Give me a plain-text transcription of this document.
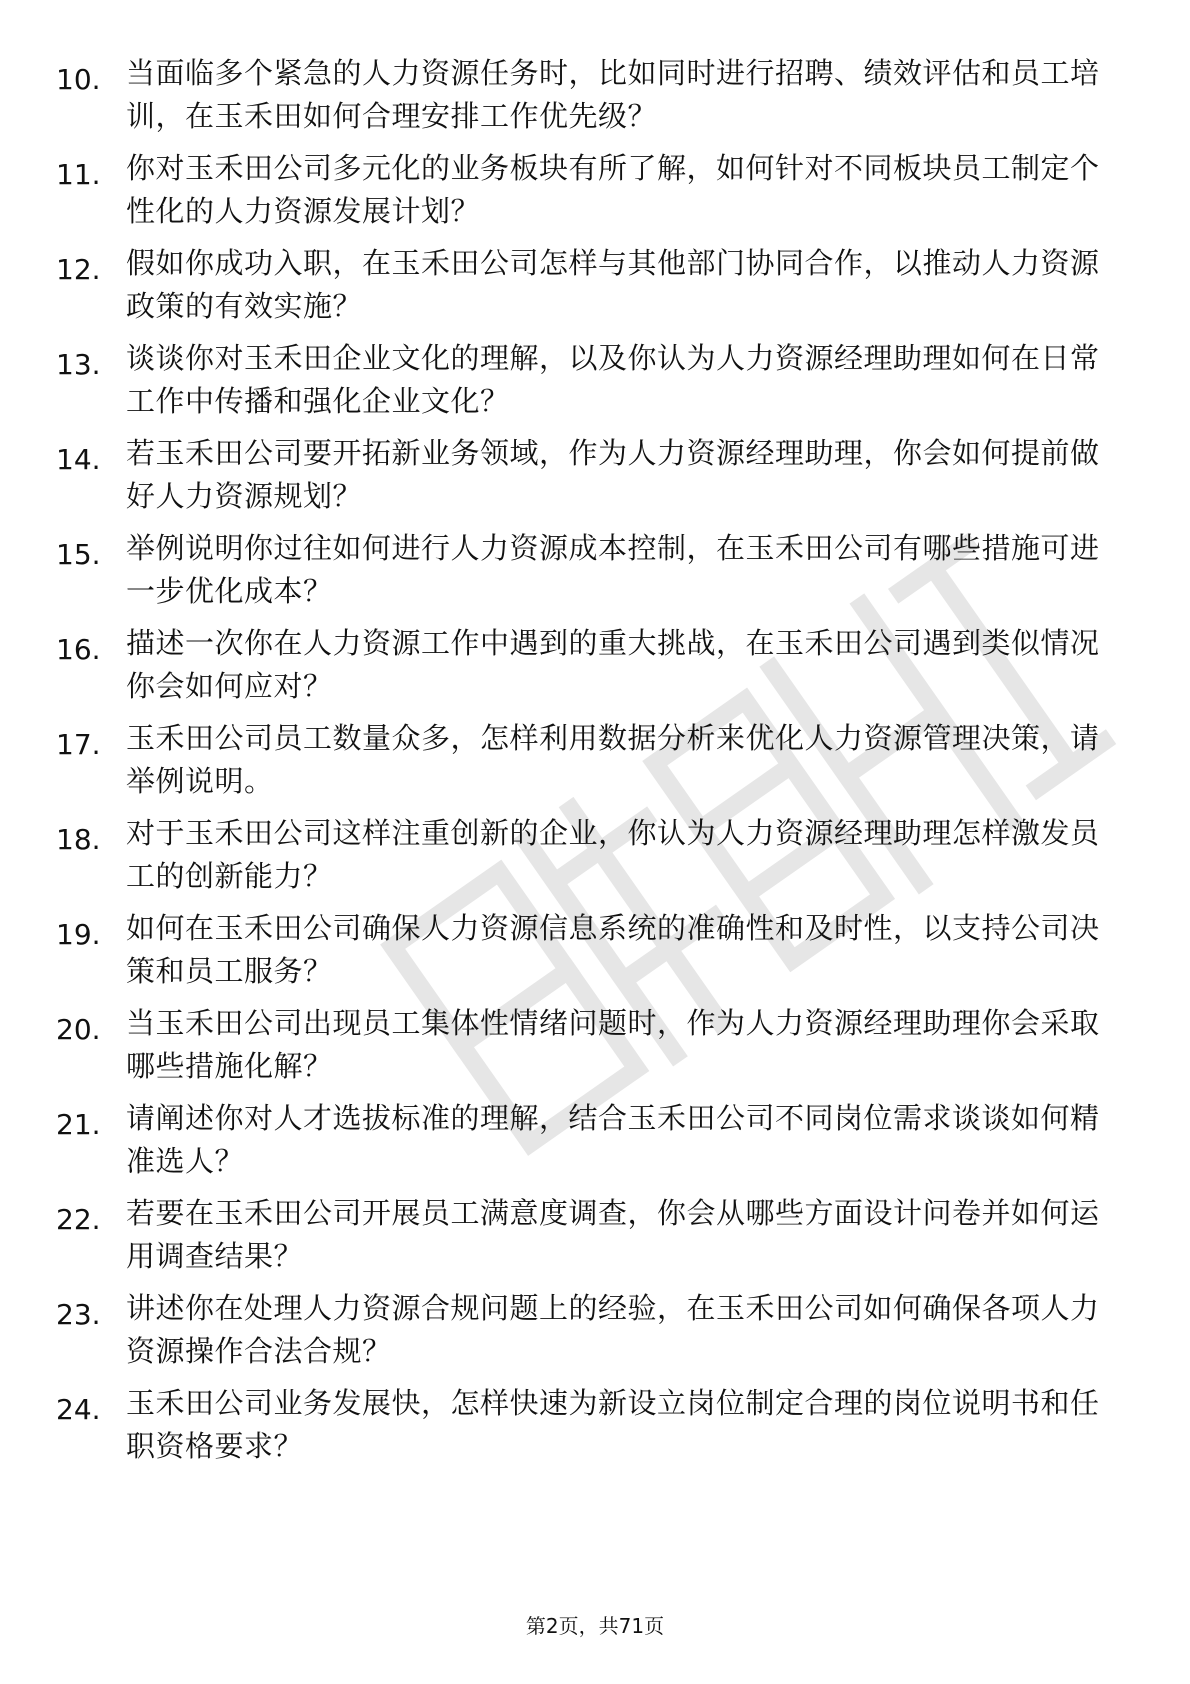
10. 当面临多个紧急的人力资源任务时，比如同时进行招聘、绩效评估和员工培训，在玉禾田如何合理安排工作优先级？
11. 你对玉禾田公司多元化的业务板块有所了解，如何针对不同板块员工制定个性化的人力资源发展计划？
12. 假如你成功入职，在玉禾田公司怎样与其他部门协同合作，以推动人力资源政策的有效实施？
13. 谈谈你对玉禾田企业文化的理解，以及你认为人力资源经理助理如何在日常工作中传播和强化企业文化？
14. 若玉禾田公司要开拓新业务领域，作为人力资源经理助理，你会如何提前做好人力资源规划？
15. 举例说明你过往如何进行人力资源成本控制，在玉禾田公司有哪些措施可进一步优化成本？
16. 描述一次你在人力资源工作中遇到的重大挑战，在玉禾田公司遇到类似情况你会如何应对？
17. 玉禾田公司员工数量众多，怎样利用数据分析来优化人力资源管理决策，请举例说明。
18. 对于玉禾田公司这样注重创新的企业，你认为人力资源经理助理怎样激发员工的创新能力？
19. 如何在玉禾田公司确保人力资源信息系统的准确性和及时性，以支持公司决策和员工服务？
20. 当玉禾田公司出现员工集体性情绪问题时，作为人力资源经理助理你会采取哪些措施化解？
21. 请阐述你对人才选拔标准的理解，结合玉禾田公司不同岗位需求谈谈如何精准选人？
22. 若要在玉禾田公司开展员工满意度调查，你会从哪些方面设计问卷并如何运用调查结果？
23. 讲述你在处理人力资源合规问题上的经验，在玉禾田公司如何确保各项人力资源操作合法合规？
24. 玉禾田公司业务发展快，怎样快速为新设立岗位制定合理的岗位说明书和任职资格要求？
第2页，共71页
